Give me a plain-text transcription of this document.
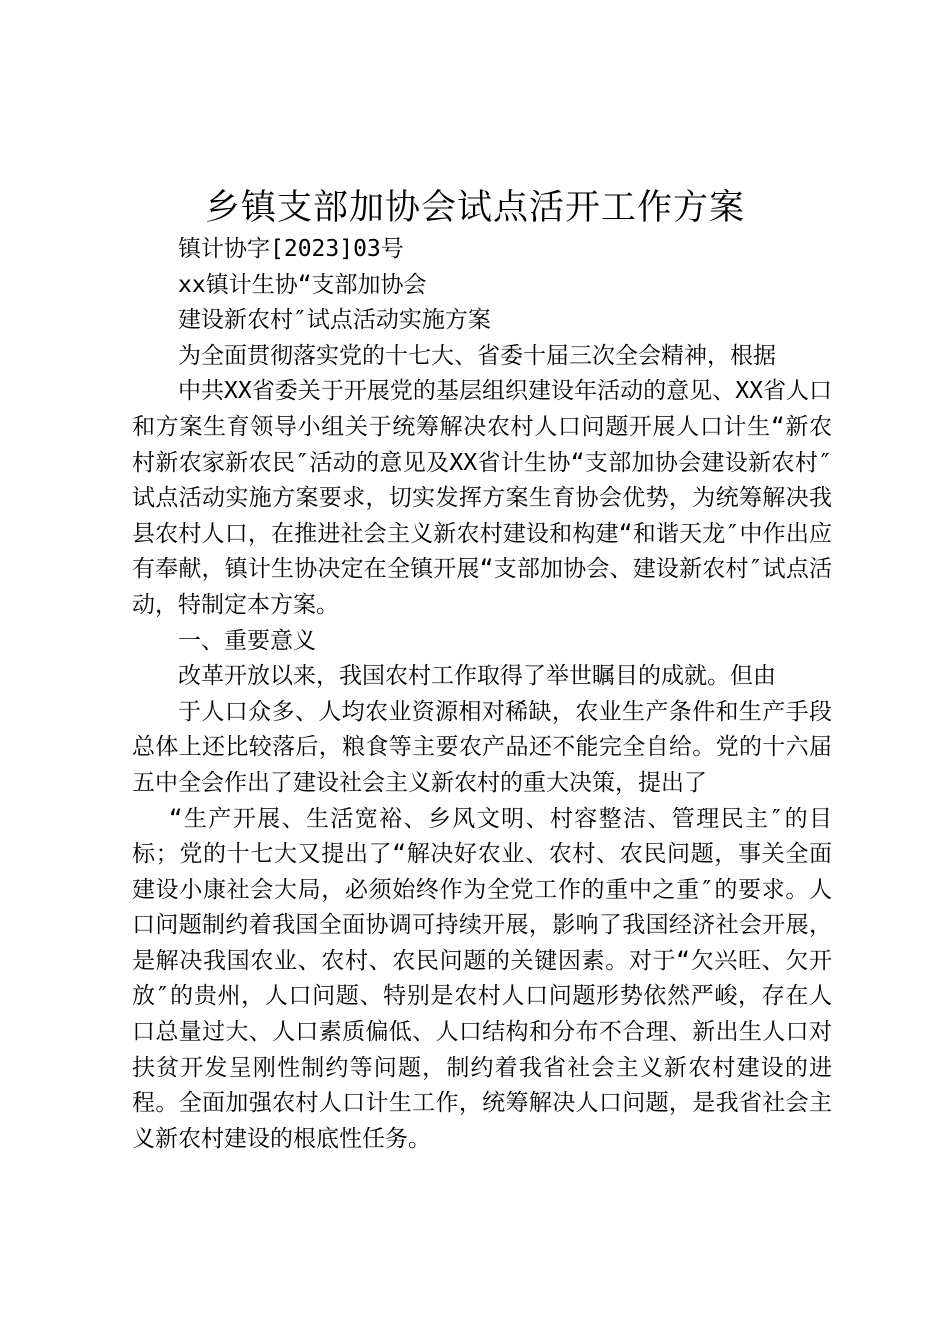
乡镇支部加协会试点活开工作方案

镇计协字[2023]03号

xx镇计生协“支部加协会

建设新农村″试点活动实施方案

为全面贯彻落实党的十七大、省委十届三次全会精神，根据

中共XX省委关于开展党的基层组织建设年活动的意见、XX省人口和方案生育领导小组关于统筹解决农村人口问题开展人口计生“新农村新农家新农民″活动的意见及XX省计生协“支部加协会建设新农村″试点活动实施方案要求，切实发挥方案生育协会优势，为统筹解决我县农村人口，在推进社会主义新农村建设和构建“和谐天龙″中作出应有奉献，镇计生协决定在全镇开展“支部加协会、建设新农村″试点活动，特制定本方案。

一、重要意义

改革开放以来，我国农村工作取得了举世瞩目的成就。但由

于人口众多、人均农业资源相对稀缺，农业生产条件和生产手段总体上还比较落后，粮食等主要农产品还不能完全自给。党的十六届五中全会作出了建设社会主义新农村的重大决策，提出了

“生产开展、生活宽裕、乡风文明、村容整洁、管理民主″的目标；党的十七大又提出了“解决好农业、农村、农民问题，事关全面建设小康社会大局，必须始终作为全党工作的重中之重″的要求。人口问题制约着我国全面协调可持续开展，影响了我国经济社会开展，是解决我国农业、农村、农民问题的关键因素。对于“欠兴旺、欠开放″的贵州，人口问题、特别是农村人口问题形势依然严峻，存在人口总量过大、人口素质偏低、人口结构和分布不合理、新出生人口对扶贫开发呈刚性制约等问题，制约着我省社会主义新农村建设的进程。全面加强农村人口计生工作，统筹解决人口问题，是我省社会主义新农村建设的根底性任务。
